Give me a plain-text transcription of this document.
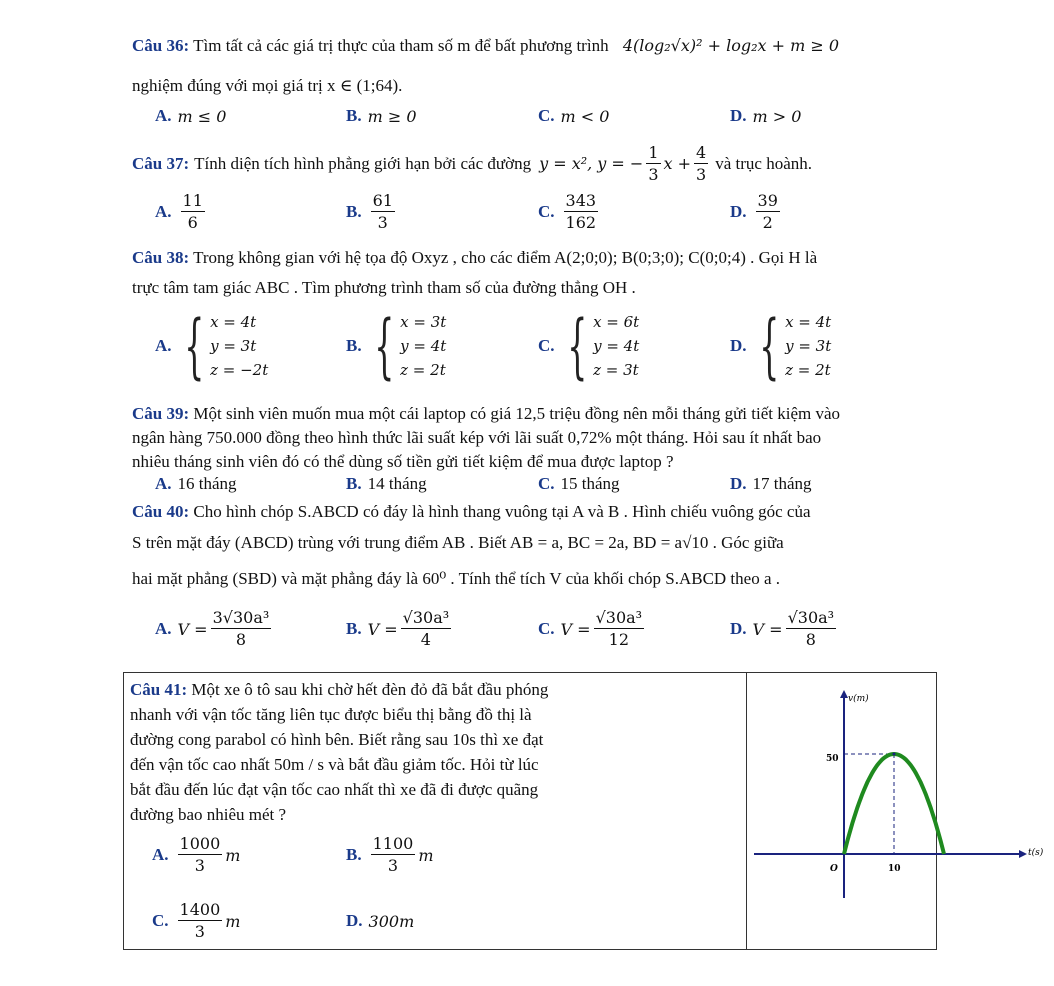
Câu 36: Tìm tất cả các giá trị thực của tham số m để bất phương trình 4(log₂√x)² + log₂x + m ≥ 0
nghiệm đúng với mọi giá trị x ∈ (1;64).
A. m ≤ 0	B. m ≥ 0	C. m < 0	D. m > 0
Câu 37: Tính diện tích hình phẳng giới hạn bởi các đường y = x², y = − $\frac{1}{3}$ $x + \frac{4}{3}$ và trục hoành.
A. $\frac{11}{6}$	B. $\frac{61}{3}$	C. $\frac{343}{162}$	D. $\frac{39}{2}$
Câu 38: Trong không gian với hệ tọa độ Oxyz , cho các điểm A(2;0;0); B(0;3;0); C(0;0;4) . Gọi H là
trực tâm tam giác ABC . Tìm phương trình tham số của đường thẳng OH .
A. { x = 4t
y = 3t
z = −2t
B. { x = 3t
y = 4t
z = 2t
C. { x = 6t
y = 4t
z = 3t
D. { x = 4t
y = 3t
z = 2t
Câu 39: Một sinh viên muốn mua một cái laptop có giá 12,5 triệu đồng nên mỗi tháng gửi tiết kiệm vào
ngân hàng 750.000 đồng theo hình thức lãi suất kép với lãi suất 0,72% một tháng. Hỏi sau ít nhất bao
nhiêu tháng sinh viên đó có thể dùng số tiền gửi tiết kiệm để mua được laptop ?
A. 16 tháng	B. 14 tháng	C. 15 tháng	D. 17 tháng
Câu 40: Cho hình chóp S.ABCD có đáy là hình thang vuông tại A và B . Hình chiếu vuông góc của
S trên mặt đáy (ABCD) trùng với trung điểm AB . Biết AB = a, BC = 2a, BD = a√10 . Góc giữa
hai mặt phẳng (SBD) và mặt phẳng đáy là 60⁰ . Tính thể tích V của khối chóp S.ABCD theo a .
A. $V = \frac{\text{3√30a³}}{8}$	B. $V = \frac{\text{√30a³}}{4}$	C. $V = \frac{\text{√30a³}}{12}$	D. $V = \frac{\text{√30a³}}{8}$
Câu 41: Một xe ô tô sau khi chờ hết đèn đỏ đã bắt đầu phóng
nhanh với vận tốc tăng liên tục được biểu thị bằng đồ thị là
đường cong parabol có hình bên. Biết rằng sau 10s thì xe đạt
đến vận tốc cao nhất 50m / s và bắt đầu giảm tốc. Hỏi từ lúc
bắt đầu đến lúc đạt vận tốc cao nhất thì xe đã đi được quãng
đường bao nhiêu mét ?
A. $\frac{1000}{3}$ m	B. $\frac{1100}{3}$ m
C. $\frac{1400}{3}$ m	D. 300m
v(m)
t(s)
O	10
50
